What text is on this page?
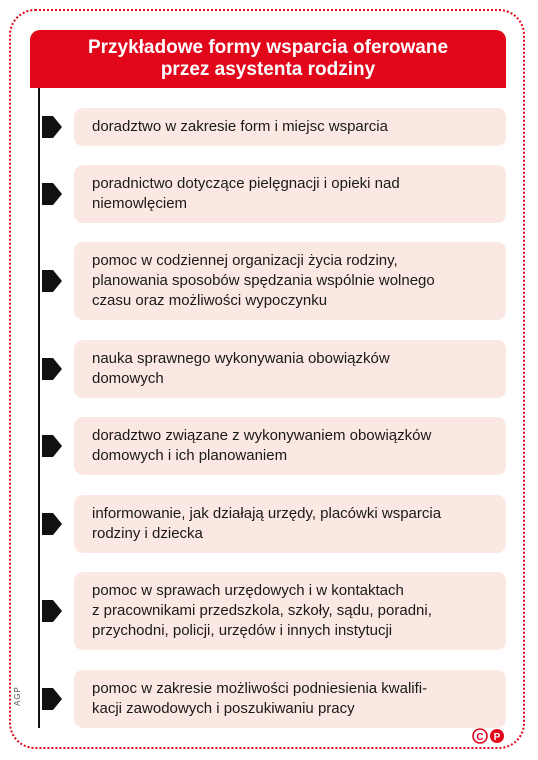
Przykładowe formy wsparcia oferowane
przez asystenta rodziny
doradztwo w zakresie form i miejsc wsparcia
poradnictwo dotyczące pielęgnacji i opieki nad
niemowlęciem
pomoc w codziennej organizacji życia rodziny,
planowania sposobów spędzania wspólnie wolnego
czasu oraz możliwości wypoczynku
nauka sprawnego wykonywania obowiązków
domowych
doradztwo związane z wykonywaniem obowiązków
domowych i ich planowaniem
informowanie, jak działają urzędy, placówki wsparcia
rodziny i dziecka
pomoc w sprawach urzędowych i w kontaktach
z pracownikami przedszkola, szkoły, sądu, poradni,
przychodni, policji, urzędów i innych instytucji
pomoc w zakresie możliwości podniesienia kwalifi-
kacji zawodowych i poszukiwaniu pracy
AGP
C P
